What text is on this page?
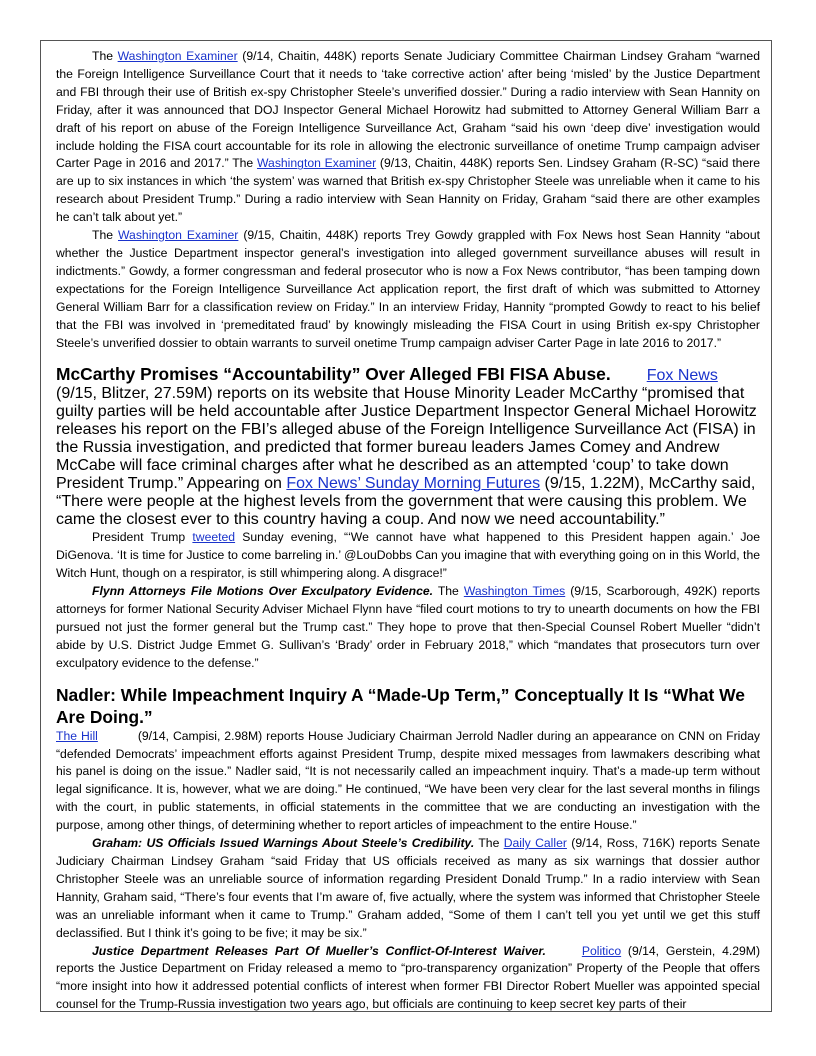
The Washington Examiner (9/14, Chaitin, 448K) reports Senate Judiciary Committee Chairman Lindsey Graham “warned the Foreign Intelligence Surveillance Court that it needs to ‘take corrective action’ after being ‘misled’ by the Justice Department and FBI through their use of British ex-spy Christopher Steele’s unverified dossier.” During a radio interview with Sean Hannity on Friday, after it was announced that DOJ Inspector General Michael Horowitz had submitted to Attorney General William Barr a draft of his report on abuse of the Foreign Intelligence Surveillance Act, Graham “said his own ‘deep dive’ investigation would include holding the FISA court accountable for its role in allowing the electronic surveillance of onetime Trump campaign adviser Carter Page in 2016 and 2017.” The Washington Examiner (9/13, Chaitin, 448K) reports Sen. Lindsey Graham (R-SC) “said there are up to six instances in which ‘the system’ was warned that British ex-spy Christopher Steele was unreliable when it came to his research about President Trump.” During a radio interview with Sean Hannity on Friday, Graham “said there are other examples he can’t talk about yet.”

The Washington Examiner (9/15, Chaitin, 448K) reports Trey Gowdy grappled with Fox News host Sean Hannity “about whether the Justice Department inspector general’s investigation into alleged government surveillance abuses will result in indictments.” Gowdy, a former congressman and federal prosecutor who is now a Fox News contributor, “has been tamping down expectations for the Foreign Intelligence Surveillance Act application report, the first draft of which was submitted to Attorney General William Barr for a classification review on Friday.” In an interview Friday, Hannity “prompted Gowdy to react to his belief that the FBI was involved in ‘premeditated fraud’ by knowingly misleading the FISA Court in using British ex-spy Christopher Steele’s unverified dossier to obtain warrants to surveil onetime Trump campaign adviser Carter Page in late 2016 to 2017.”

McCarthy Promises “Accountability” Over Alleged FBI FISA Abuse. Fox News (9/15, Blitzer, 27.59M) reports on its website that House Minority Leader McCarthy “promised that guilty parties will be held accountable after Justice Department Inspector General Michael Horowitz releases his report on the FBI’s alleged abuse of the Foreign Intelligence Surveillance Act (FISA) in the Russia investigation, and predicted that former bureau leaders James Comey and Andrew McCabe will face criminal charges after what he described as an attempted ‘coup’ to take down President Trump.” Appearing on Fox News’ Sunday Morning Futures (9/15, 1.22M), McCarthy said, “There were people at the highest levels from the government that were causing this problem. We came the closest ever to this country having a coup. And now we need accountability.”

President Trump tweeted Sunday evening, “‘We cannot have what happened to this President happen again.’ Joe DiGenova. ‘It is time for Justice to come barreling in.’ @LouDobbs Can you imagine that with everything going on in this World, the Witch Hunt, though on a respirator, is still whimpering along. A disgrace!”

Flynn Attorneys File Motions Over Exculpatory Evidence. The Washington Times (9/15, Scarborough, 492K) reports attorneys for former National Security Adviser Michael Flynn have “filed court motions to try to unearth documents on how the FBI pursued not just the former general but the Trump cast.” They hope to prove that then-Special Counsel Robert Mueller “didn’t abide by U.S. District Judge Emmet G. Sullivan’s ‘Brady’ order in February 2018,” which “mandates that prosecutors turn over exculpatory evidence to the defense.”

Nadler: While Impeachment Inquiry A “Made-Up Term,” Conceptually It Is “What We Are Doing.”

The Hill	(9/14, Campisi, 2.98M) reports House Judiciary Chairman Jerrold Nadler during an appearance on CNN on Friday “defended Democrats’ impeachment efforts against President Trump, despite mixed messages from lawmakers describing what his panel is doing on the issue.” Nadler said, “It is not necessarily called an impeachment inquiry. That’s a made-up term without legal significance. It is, however, what we are doing.” He continued, “We have been very clear for the last several months in filings with the court, in public statements, in official statements in the committee that we are conducting an investigation with the purpose, among other things, of determining whether to report articles of impeachment to the entire House.”

Graham: US Officials Issued Warnings About Steele’s Credibility. The Daily Caller (9/14, Ross, 716K) reports Senate Judiciary Chairman Lindsey Graham “said Friday that US officials received as many as six warnings that dossier author Christopher Steele was an unreliable source of information regarding President Donald Trump.” In a radio interview with Sean Hannity, Graham said, “There’s four events that I’m aware of, five actually, where the system was informed that Christopher Steele was an unreliable informant when it came to Trump.” Graham added, “Some of them I can’t tell you yet until we get this stuff declassified. But I think it’s going to be five; it may be six.”

Justice Department Releases Part Of Mueller’s Conflict-Of-Interest Waiver.	Politico (9/14, Gerstein, 4.29M) reports the Justice Department on Friday released a memo to “pro-transparency organization” Property of the People that offers “more insight into how it addressed potential conflicts of interest when former FBI Director Robert Mueller was appointed special counsel for the Trump-Russia investigation two years ago, but officials are continuing to keep secret key parts of their
